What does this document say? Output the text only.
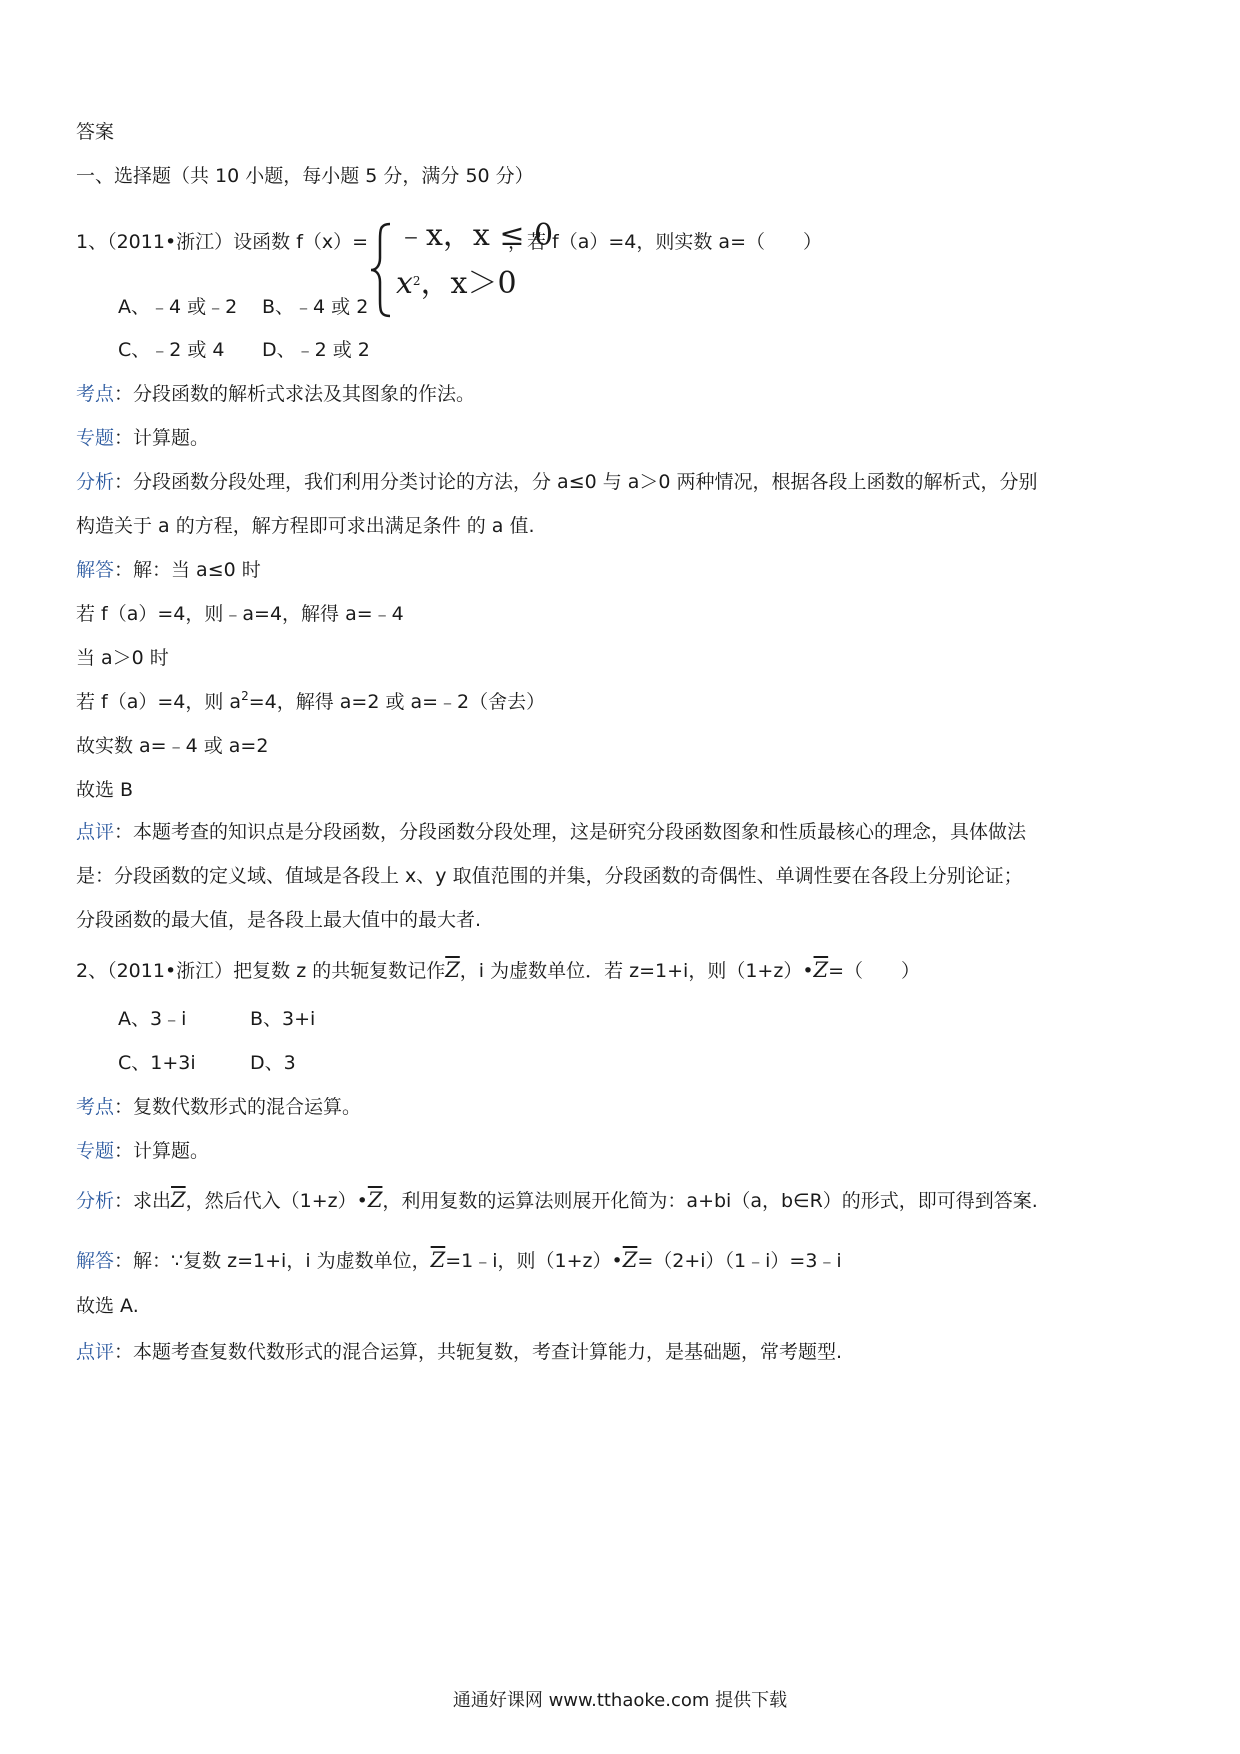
答案
一、选择题（共 10 小题，每小题 5 分，满分 50 分）
1、（2011•浙江）设函数 f（x）= ﹣x，x ≤ 0
$x^2$，x＞0
，若 f（a）=4，则实数 a=（　　）
A、﹣4 或﹣2 B、﹣4 或 2
C、﹣2 或 4 D、﹣2 或 2
考点：分段函数的解析式求法及其图象的作法。
专题：计算题。
分析：分段函数分段处理，我们利用分类讨论的方法，分 a≤0 与 a＞0 两种情况，根据各段上函数的解析式，分别
构造关于 a 的方程，解方程即可求出满足条件 的 a 值.
解答：解：当 a≤0 时
若 f（a）=4，则﹣a=4，解得 a=﹣4
当 a＞0 时
若 f（a）=4，则 $a^2=4$，解得 a=2 或 a=﹣2（舍去）
故实数 a=﹣4 或 a=2
故选 B
点评：本题考查的知识点是分段函数，分段函数分段处理，这是研究分段函数图象和性质最核心的理念，具体做法
是：分段函数的定义域、值域是各段上 x、y 取值范围的并集，分段函数的奇偶性、单调性要在各段上分别论证；
分段函数的最大值，是各段上最大值中的最大者.
2、（2011•浙江）把复数 z 的共轭复数记作$\overline{Z}$，i 为虚数单位．若 z=1+i，则$(1+z)•\overline{Z}=$（　　）
A、3﹣i	B、3+i
C、1+3i	D、3
考点：复数代数形式的混合运算。
专题：计算题。
分析：求出$\overline{Z}$，然后代入$(1+z)•\overline{Z}$，利用复数的运算法则展开化简为：a+bi（a，b∈R）的形式，即可得到答案.
解答：解：∵复数 z=1+i，i 为虚数单位，$\overline{Z}=1﹣i$，则$(1+z)•\overline{Z}=(2+i)(1﹣i)=3﹣i$
故选 A.
点评：本题考查复数代数形式的混合运算，共轭复数，考查计算能力，是基础题，常考题型.
通通好课网 www.tthaoke.com 提供下载
